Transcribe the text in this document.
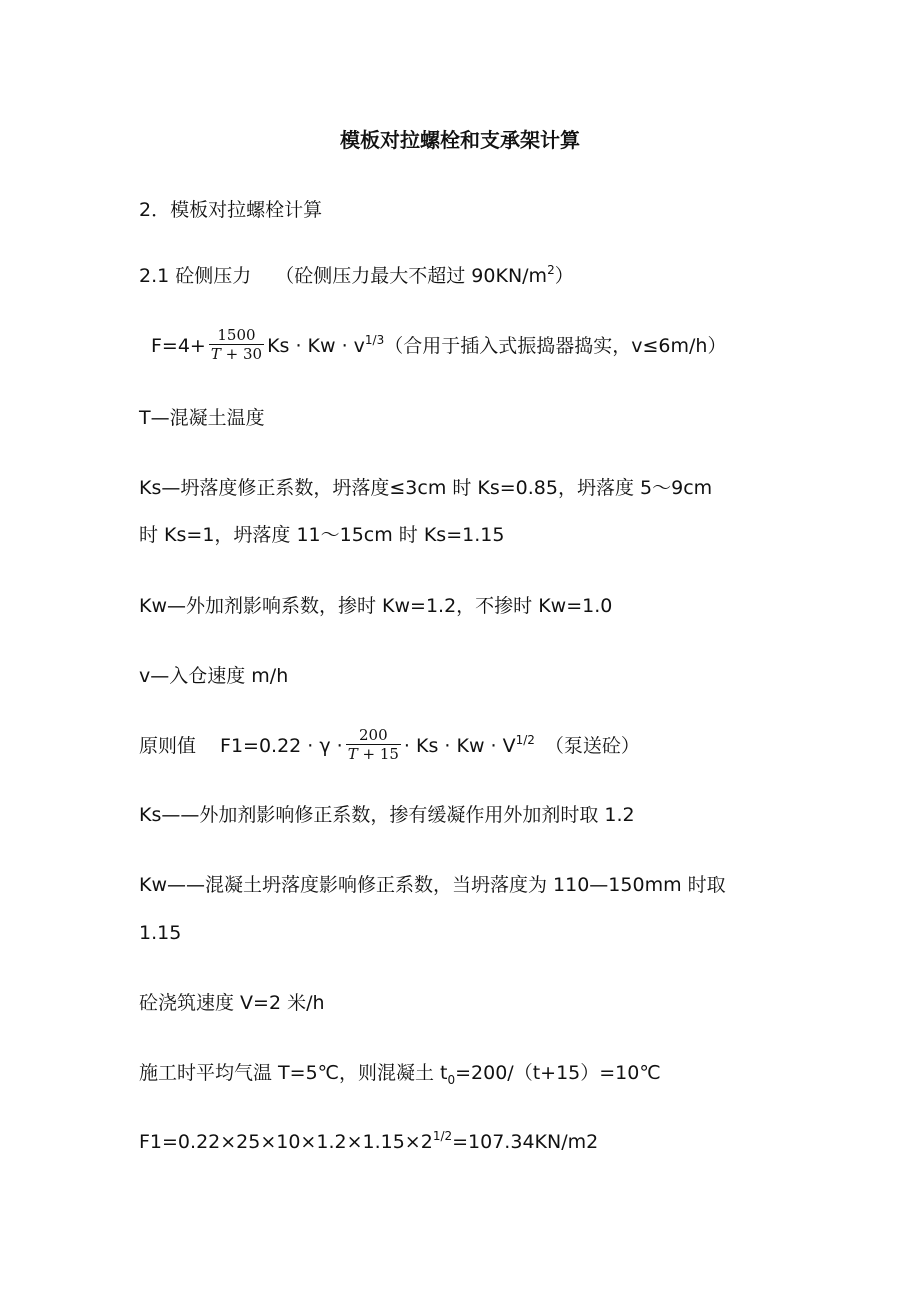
模板对拉螺栓和支承架计算
2．模板对拉螺栓计算
2.1 砼侧压力 （砼侧压力最大不超过 $90KN/m^2$）
$F=4+ \frac{1500}{T + 30}$ $Ks \cdot Kw \cdot v^{1/3}$（合用于插入式振捣器捣实，v≤6m/h）
T—混凝土温度
Ks—坍落度修正系数，坍落度≤3cm 时 Ks=0.85，坍落度 5～9cm
时 Ks=1，坍落度 11～15cm 时 Ks=1.15
Kw—外加剂影响系数，掺时 Kw=1.2，不掺时 Kw=1.0
v—入仓速度 m/h
原则值 $F1=0.22 \cdot \gamma \cdot \frac{200}{T + 15} \cdot Ks \cdot Kw \cdot V^{1/2}$ （泵送砼）
Ks——外加剂影响修正系数，掺有缓凝作用外加剂时取 1.2
Kw——混凝土坍落度影响修正系数，当坍落度为 110—150mm 时取
1.15
砼浇筑速度 V=2 米/h
施工时平均气温 T=5℃，则混凝土 $t_0=200/(t+15)=10℃$
$F1=0.22\times 25\times 10\times 1.2\times 1.15\times 2^{1/2}=107.34KN/m2$
